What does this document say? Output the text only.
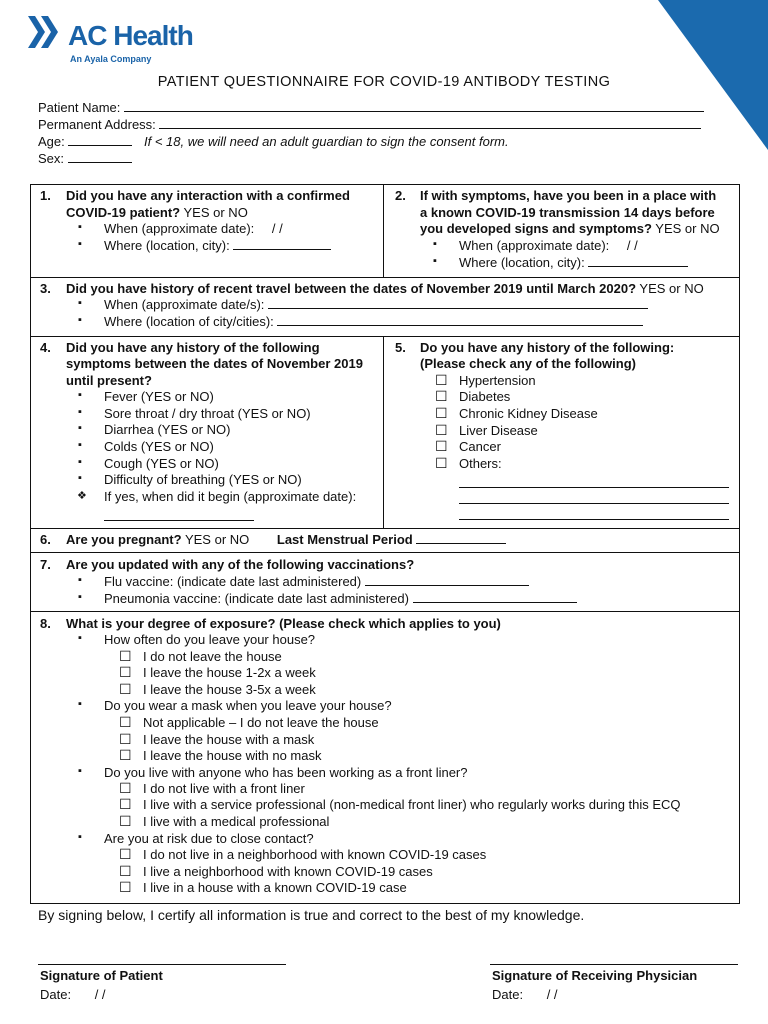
AC Health
An Ayala Company
PATIENT QUESTIONNAIRE FOR COVID-19 ANTIBODY TESTING
Patient Name:
Permanent Address:
Age:	If < 18, we will need an adult guardian to sign the consent form.
Sex:
1. Did you have any interaction with a confirmed
COVID-19 patient? YES or NO
▪ When (approximate date): / /
▪ Where (location, city):
2. If with symptoms, have you been in a place with
a known COVID-19 transmission 14 days before
you developed signs and symptoms? YES or NO
▪ When (approximate date): / /
▪ Where (location, city):
3. Did you have history of recent travel between the dates of November 2019 until March 2020? YES or NO
▪ When (approximate date/s):
▪ Where (location of city/cities):
4. Did you have any history of the following
symptoms between the dates of November 2019
until present?
▪ Fever (YES or NO)
▪ Sore throat / dry throat (YES or NO)
▪ Diarrhea (YES or NO)
▪ Colds (YES or NO)
▪ Cough (YES or NO)
▪ Difficulty of breathing (YES or NO)
❖ If yes, when did it begin (approximate date):
5. Do you have any history of the following:
(Please check any of the following)
☐ Hypertension
☐ Diabetes
☐ Chronic Kidney Disease
☐ Liver Disease
☐ Cancer
☐ Others:
6. Are you pregnant? YES or NO Last Menstrual Period
7. Are you updated with any of the following vaccinations?
▪ Flu vaccine: (indicate date last administered)
▪ Pneumonia vaccine: (indicate date last administered)
8. What is your degree of exposure? (Please check which applies to you)
▪ How often do you leave your house?
☐ I do not leave the house
☐ I leave the house 1-2x a week
☐ I leave the house 3-5x a week
▪ Do you wear a mask when you leave your house?
☐ Not applicable – I do not leave the house
☐ I leave the house with a mask
☐ I leave the house with no mask
▪ Do you live with anyone who has been working as a front liner?
☐ I do not live with a front liner
☐ I live with a service professional (non-medical front liner) who regularly works during this ECQ
☐ I live with a medical professional
▪ Are you at risk due to close contact?
☐ I do not live in a neighborhood with known COVID-19 cases
☐ I live a neighborhood with known COVID-19 cases
☐ I live in a house with a known COVID-19 case
By signing below, I certify all information is true and correct to the best of my knowledge.
Signature of Patient
Date: / /
Signature of Receiving Physician
Date: / /
